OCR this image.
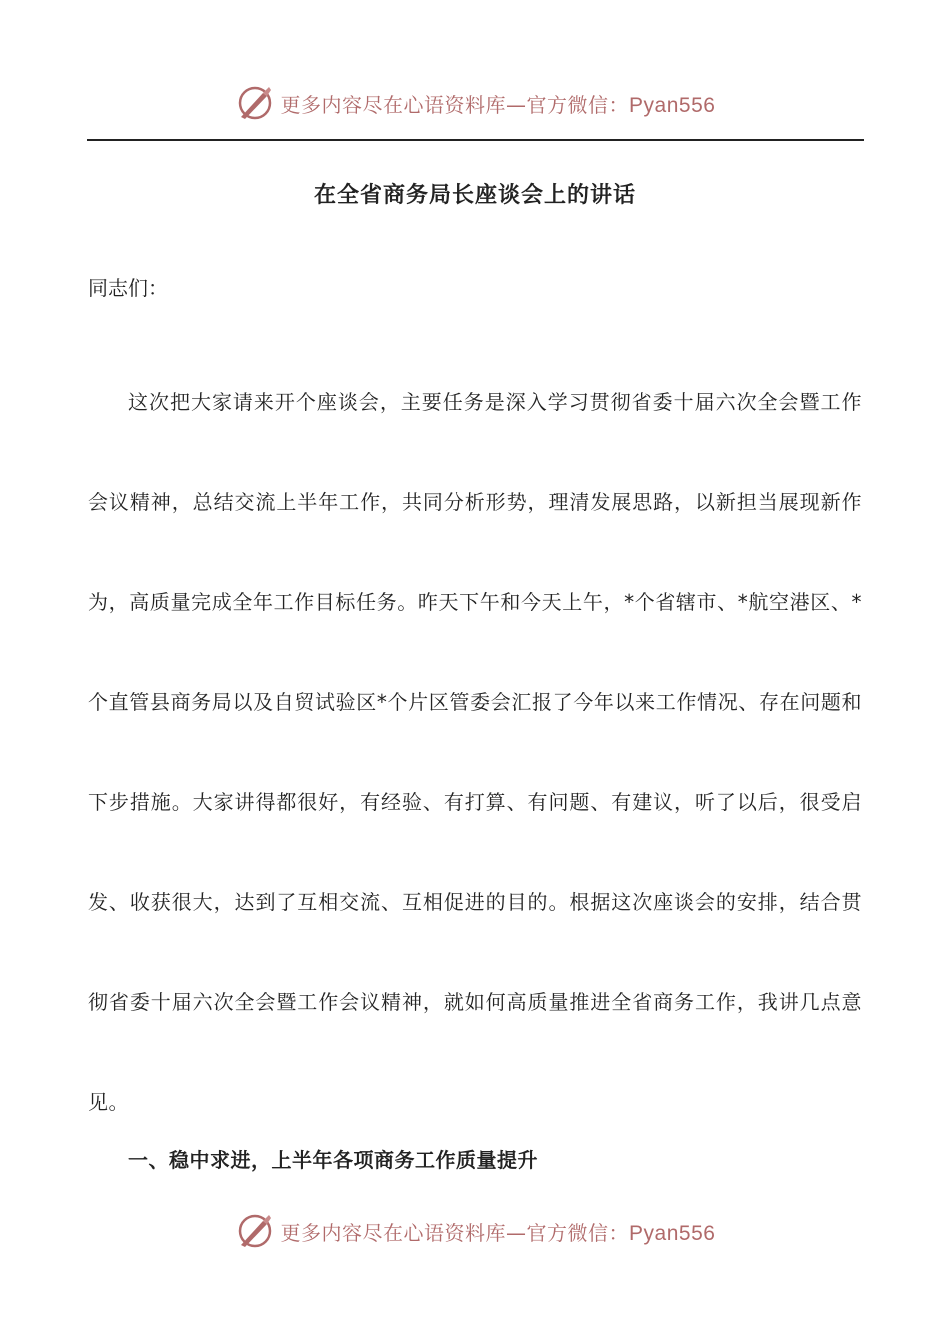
更多内容尽在心语资料库—官方微信：Pyan556
在全省商务局长座谈会上的讲话
同志们：

这次把大家请来开个座谈会，主要任务是深入学习贯彻省委十届六次全会暨工作会议精神，总结交流上半年工作，共同分析形势，理清发展思路，以新担当展现新作为，高质量完成全年工作目标任务。昨天下午和今天上午，*个省辖市、*航空港区、*个直管县商务局以及自贸试验区*个片区管委会汇报了今年以来工作情况、存在问题和下步措施。大家讲得都很好，有经验、有打算、有问题、有建议，听了以后，很受启发、收获很大，达到了互相交流、互相促进的目的。根据这次座谈会的安排，结合贯彻省委十届六次全会暨工作会议精神，就如何高质量推进全省商务工作，我讲几点意见。

一、稳中求进，上半年各项商务工作质量提升
更多内容尽在心语资料库—官方微信：Pyan556
